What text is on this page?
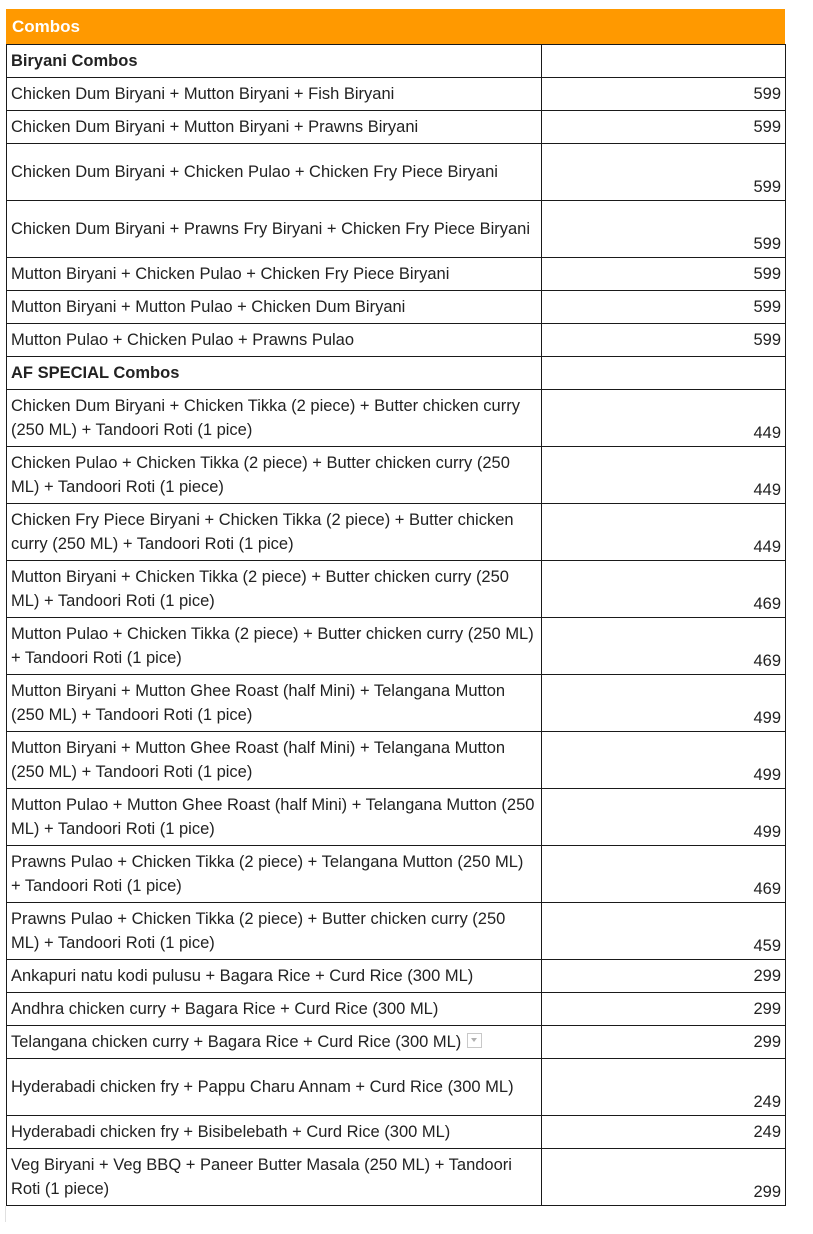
Combos
Biryani Combos	
Chicken Dum Biryani + Mutton Biryani + Fish Biryani	599
Chicken Dum Biryani + Mutton Biryani + Prawns Biryani	599
Chicken Dum Biryani + Chicken Pulao + Chicken Fry Piece Biryani	599
Chicken Dum Biryani + Prawns Fry Biryani + Chicken Fry Piece Biryani	599
Mutton Biryani + Chicken Pulao + Chicken Fry Piece Biryani	599
Mutton Biryani + Mutton Pulao + Chicken Dum Biryani	599
Mutton Pulao + Chicken Pulao + Prawns Pulao	599
AF SPECIAL Combos	
Chicken Dum Biryani + Chicken Tikka (2 piece) + Butter chicken curry (250 ML) + Tandoori Roti (1 pice)	449
Chicken Pulao + Chicken Tikka (2 piece) + Butter chicken curry (250 ML) + Tandoori Roti (1 piece)	449
Chicken Fry Piece Biryani + Chicken Tikka (2 piece) + Butter chicken curry (250 ML) + Tandoori Roti (1 pice)	449
Mutton Biryani + Chicken Tikka (2 piece) + Butter chicken curry (250 ML) + Tandoori Roti (1 pice)	469
Mutton Pulao + Chicken Tikka (2 piece) + Butter chicken curry (250 ML) + Tandoori Roti (1 pice)	469
Mutton Biryani + Mutton Ghee Roast (half Mini) + Telangana Mutton (250 ML) + Tandoori Roti (1 pice)	499
Mutton Biryani + Mutton Ghee Roast (half Mini) + Telangana Mutton (250 ML) + Tandoori Roti (1 pice)	499
Mutton Pulao + Mutton Ghee Roast (half Mini) + Telangana Mutton (250 ML) + Tandoori Roti (1 pice)	499
Prawns Pulao + Chicken Tikka (2 piece) + Telangana Mutton (250 ML) + Tandoori Roti (1 pice)	469
Prawns Pulao + Chicken Tikka (2 piece) + Butter chicken curry (250 ML) + Tandoori Roti (1 pice)	459
Ankapuri natu kodi pulusu + Bagara Rice + Curd Rice (300 ML)	299
Andhra chicken curry + Bagara Rice + Curd Rice (300 ML)	299
Telangana chicken curry + Bagara Rice + Curd Rice (300 ML)	299
Hyderabadi chicken fry + Pappu Charu Annam + Curd Rice (300 ML)	249
Hyderabadi chicken fry + Bisibelebath + Curd Rice (300 ML)	249
Veg Biryani + Veg BBQ + Paneer Butter Masala (250 ML) + Tandoori Roti (1 piece)	299
